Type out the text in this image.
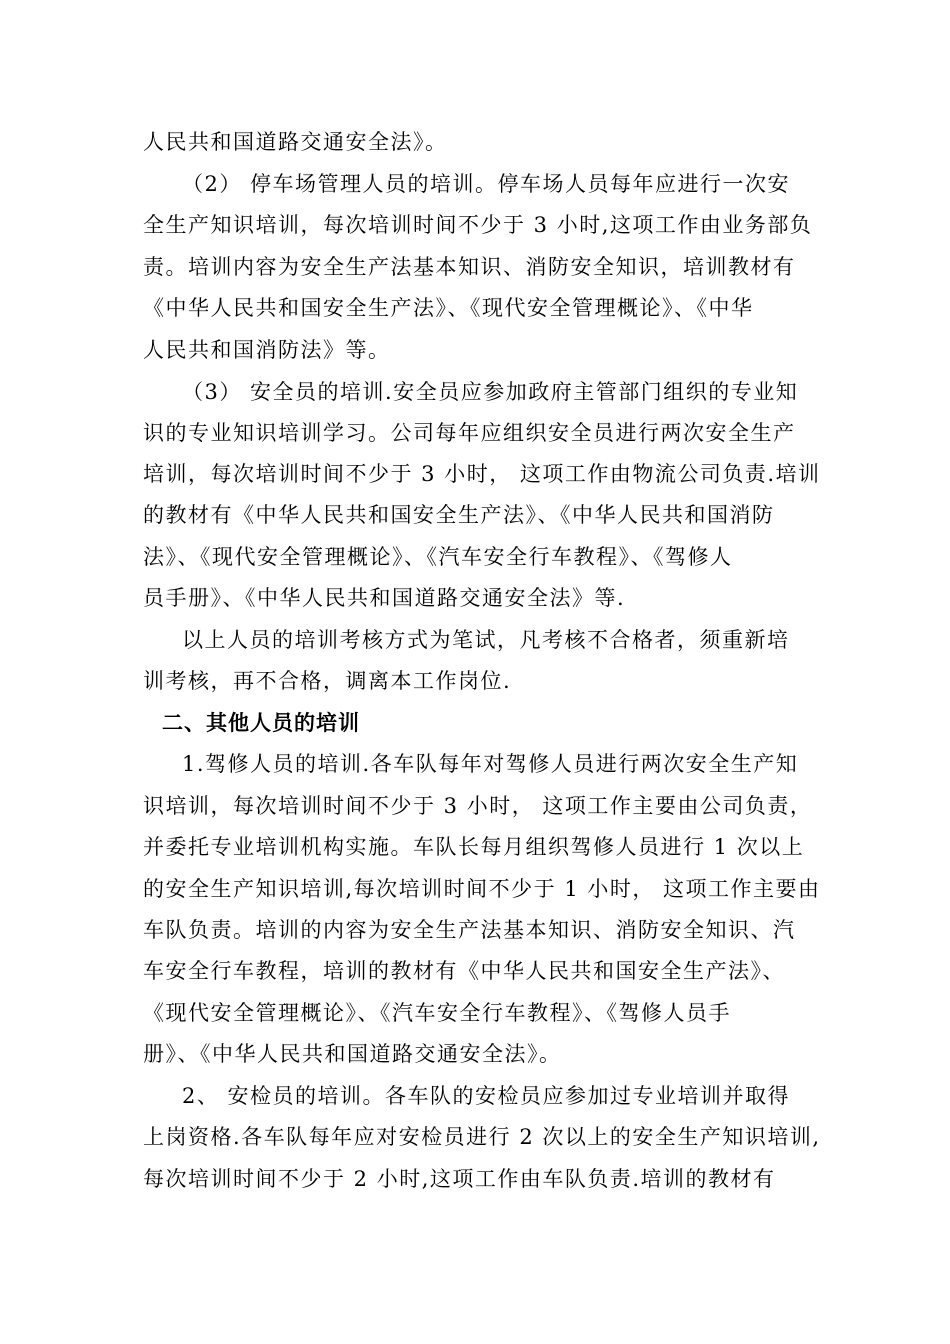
人民共和国道路交通安全法》。
（2） 停车场管理人员的培训。停车场人员每年应进行一次安
全生产知识培训，每次培训时间不少于 3 小时,这项工作由业务部负
责。培训内容为安全生产法基本知识、消防安全知识，培训教材有
《中华人民共和国安全生产法》、《现代安全管理概论》、《中华
人民共和国消防法》等。
（3） 安全员的培训.安全员应参加政府主管部门组织的专业知
识的专业知识培训学习。公司每年应组织安全员进行两次安全生产
培训，每次培训时间不少于 3 小时， 这项工作由物流公司负责.培训
的教材有《中华人民共和国安全生产法》、《中华人民共和国消防
法》、《现代安全管理概论》、《汽车安全行车教程》、《驾修人
员手册》、《中华人民共和国道路交通安全法》等.
以上人员的培训考核方式为笔试，凡考核不合格者，须重新培
训考核，再不合格，调离本工作岗位.
二、其他人员的培训
1.驾修人员的培训.各车队每年对驾修人员进行两次安全生产知
识培训，每次培训时间不少于 3 小时， 这项工作主要由公司负责，
并委托专业培训机构实施。车队长每月组织驾修人员进行 1 次以上
的安全生产知识培训,每次培训时间不少于 1 小时， 这项工作主要由
车队负责。培训的内容为安全生产法基本知识、消防安全知识、汽
车安全行车教程，培训的教材有《中华人民共和国安全生产法》、
《现代安全管理概论》、《汽车安全行车教程》、《驾修人员手
册》、《中华人民共和国道路交通安全法》。
2、 安检员的培训。各车队的安检员应参加过专业培训并取得
上岗资格.各车队每年应对安检员进行 2 次以上的安全生产知识培训,
每次培训时间不少于 2 小时,这项工作由车队负责.培训的教材有
